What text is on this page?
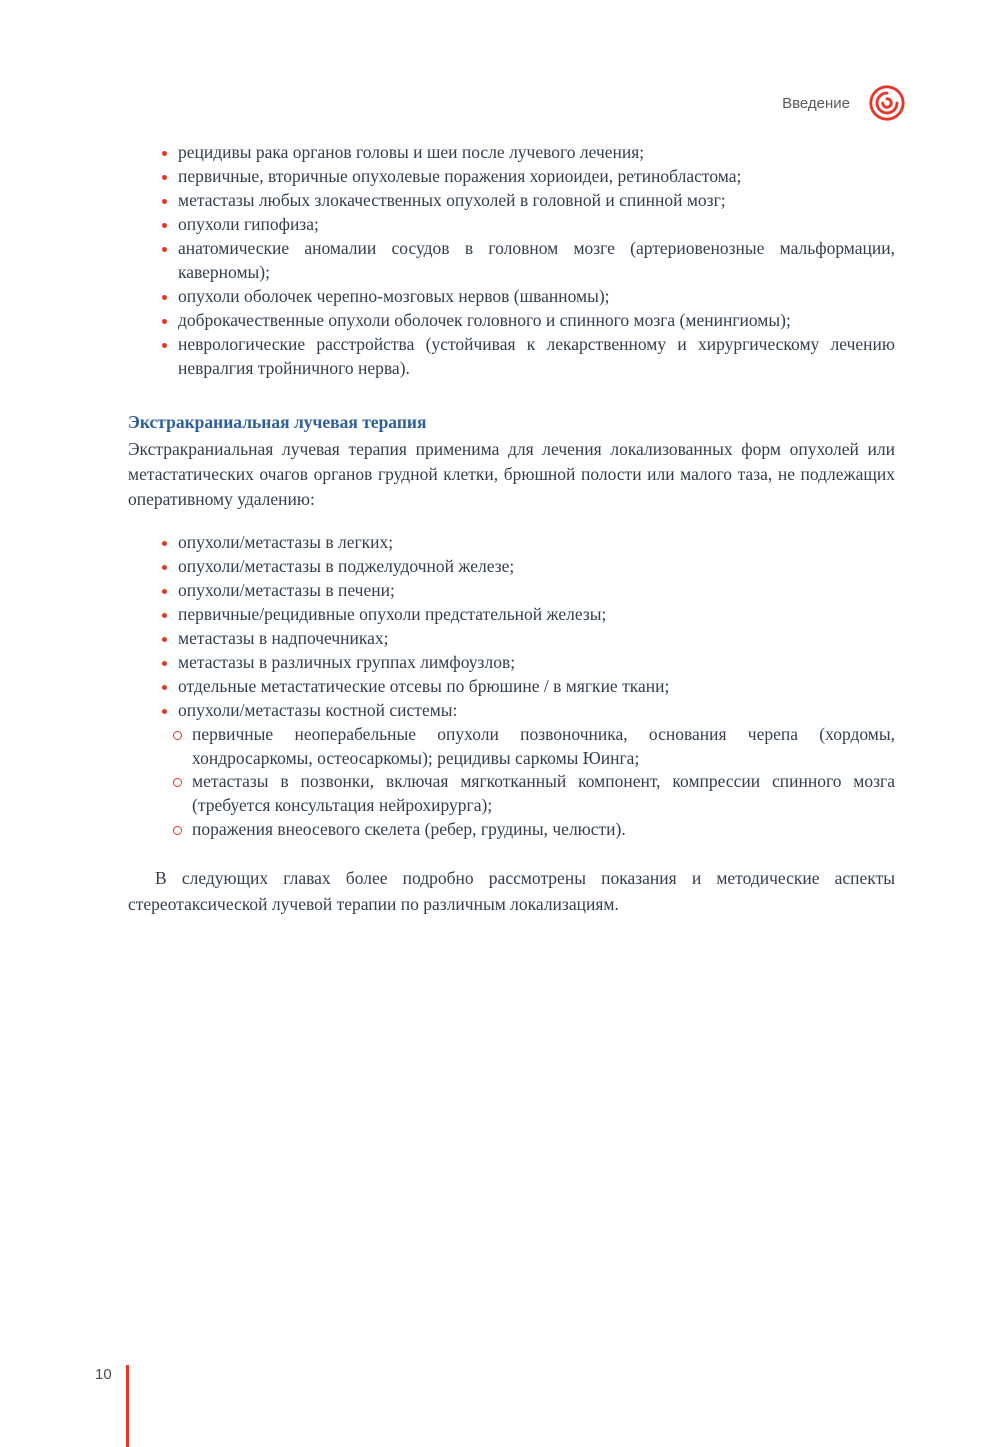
Введение
рецидивы рака органов головы и шеи после лучевого лечения;
первичные, вторичные опухолевые поражения хориоидеи, ретинобластома;
метастазы любых злокачественных опухолей в головной и спинной мозг;
опухоли гипофиза;
анатомические аномалии сосудов в головном мозге (артериовенозные мальформации, каверномы);
опухоли оболочек черепно-мозговых нервов (шванномы);
доброкачественные опухоли оболочек головного и спинного мозга (менингиомы);
неврологические расстройства (устойчивая к лекарственному и хирургическому лечению невралгия тройничного нерва).
Экстракраниальная лучевая терапия

Экстракраниальная лучевая терапия применима для лечения локализованных форм опухолей или метастатических очагов органов грудной клетки, брюшной полости или малого таза, не подлежащих оперативному удалению:

опухоли/метастазы в легких;
опухоли/метастазы в поджелудочной железе;
опухоли/метастазы в печени;
первичные/рецидивные опухоли предстательной железы;
метастазы в надпочечниках;
метастазы в различных группах лимфоузлов;
отдельные метастатические отсевы по брюшине / в мягкие ткани;
опухоли/метастазы костной системы:
первичные неоперабельные опухоли позвоночника, основания черепа (хордомы, хондросаркомы, остеосаркомы); рецидивы саркомы Юинга;
метастазы в позвонки, включая мягкотканный компонент, компрессии спинного мозга (требуется консультация нейрохирурга);
поражения внеосевого скелета (ребер, грудины, челюсти).

В следующих главах более подробно рассмотрены показания и методические аспекты стереотаксической лучевой терапии по различным локализациям.

10
